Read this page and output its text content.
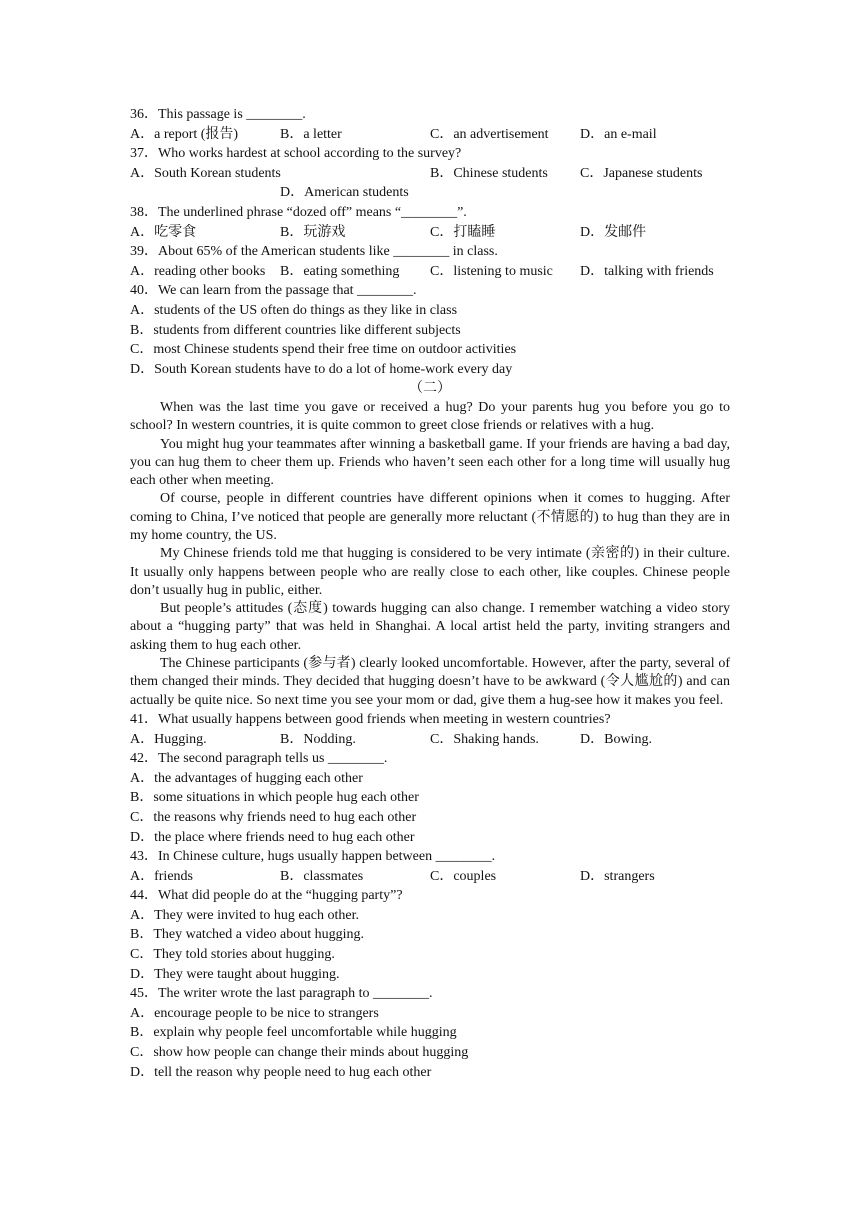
36．This passage is ________.
A．a report (报告)	B．a letter	C．an advertisement	D．an e-mail
37．Who works hardest at school according to the survey?
A．South Korean students	B．Chinese students	C．Japanese students
D．American students
38．The underlined phrase “dozed off” means “________”.
A．吃零食	B．玩游戏	C．打瞌睡	D．发邮件
39．About 65% of the American students like ________ in class.
A．reading other books	B．eating something	C．listening to music	D．talking with friends
40．We can learn from the passage that ________.
A．students of the US often do things as they like in class
B．students from different countries like different subjects
C．most Chinese students spend their free time on outdoor activities
D．South Korean students have to do a lot of home-work every day
（二）

When was the last time you gave or received a hug? Do your parents hug you before you go to school? In western countries, it is quite common to greet close friends or relatives with a hug.

You might hug your teammates after winning a basketball game. If your friends are having a bad day, you can hug them to cheer them up. Friends who haven’t seen each other for a long time will usually hug each other when meeting.

Of course, people in different countries have different opinions when it comes to hugging. After coming to China, I’ve noticed that people are generally more reluctant (不情愿的) to hug than they are in my home country, the US.

My Chinese friends told me that hugging is considered to be very intimate (亲密的) in their culture. It usually only happens between people who are really close to each other, like couples. Chinese people don’t usually hug in public, either.

But people’s attitudes (态度) towards hugging can also change. I remember watching a video story about a “hugging party” that was held in Shanghai. A local artist held the party, inviting strangers and asking them to hug each other.

The Chinese participants (参与者) clearly looked uncomfortable. However, after the party, several of them changed their minds. They decided that hugging doesn’t have to be awkward (令人尴尬的) and can actually be quite nice. So next time you see your mom or dad, give them a hug-see how it makes you feel.

41．What usually happens between good friends when meeting in western countries?
A．Hugging.	B．Nodding.	C．Shaking hands.	D．Bowing.
42．The second paragraph tells us ________.
A．the advantages of hugging each other
B．some situations in which people hug each other
C．the reasons why friends need to hug each other
D．the place where friends need to hug each other
43．In Chinese culture, hugs usually happen between ________.
A．friends	B．classmates	C．couples	D．strangers
44．What did people do at the “hugging party”?
A．They were invited to hug each other.
B．They watched a video about hugging.
C．They told stories about hugging.
D．They were taught about hugging.
45．The writer wrote the last paragraph to ________.
A．encourage people to be nice to strangers
B．explain why people feel uncomfortable while hugging
C．show how people can change their minds about hugging
D．tell the reason why people need to hug each other
